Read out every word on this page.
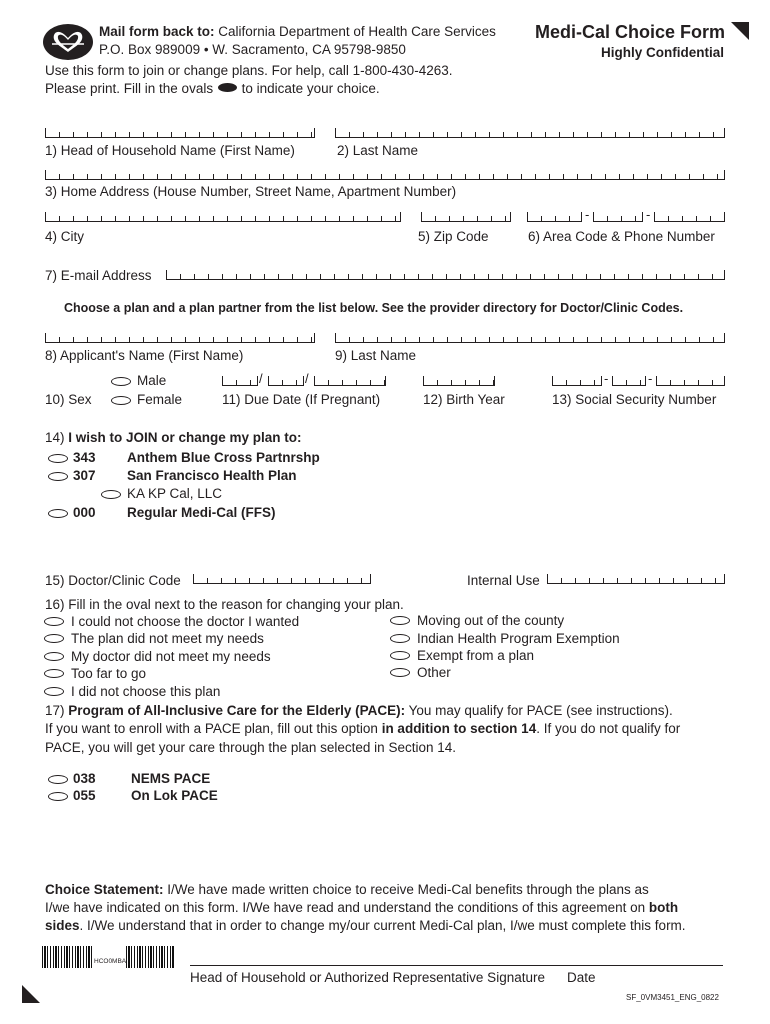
Mail form back to: California Department of Health Care Services
P.O. Box 989009 • W. Sacramento, CA 95798-9850
Medi-Cal Choice Form
Highly Confidential
Use this form to join or change plans. For help, call 1-800-430-4263.
Please print. Fill in the ovals to indicate your choice.
1) Head of Household Name (First Name)	2) Last Name
3) Home Address (House Number, Street Name, Apartment Number)
-	-
4) City	5) Zip Code	6) Area Code & Phone Number
7) E-mail Address
Choose a plan and a plan partner from the list below. See the provider directory for Doctor/Clinic Codes.
8) Applicant's Name (First Name)	9) Last Name
Male
Female
10) Sex
/	/
11) Due Date (If Pregnant)	12) Birth Year
-	-
13) Social Security Number
14) I wish to JOIN or change my plan to:
343 Anthem Blue Cross Partnrshp
307 San Francisco Health Plan
KA KP Cal, LLC
000 Regular Medi-Cal (FFS)
15) Doctor/Clinic Code	Internal Use
16) Fill in the oval next to the reason for changing your plan.
I could not choose the doctor I wanted
The plan did not meet my needs
My doctor did not meet my needs
Too far to go
I did not choose this plan
Moving out of the county
Indian Health Program Exemption
Exempt from a plan
Other
17) Program of All-Inclusive Care for the Elderly (PACE): You may qualify for PACE (see instructions).
If you want to enroll with a PACE plan, fill out this option in addition to section 14. If you do not qualify for
PACE, you will get your care through the plan selected in Section 14.
038	NEMS PACE
055	On Lok PACE
Choice Statement: I/We have made written choice to receive Medi-Cal benefits through the plans as
I/we have indicated on this form. I/We have read and understand the conditions of this agreement on both
sides. I/We understand that in order to change my/our current Medi-Cal plan, I/we must complete this form.
HCO0MBA
Head of Household or Authorized Representative Signature Date
SF_0VM3451_ENG_0822
